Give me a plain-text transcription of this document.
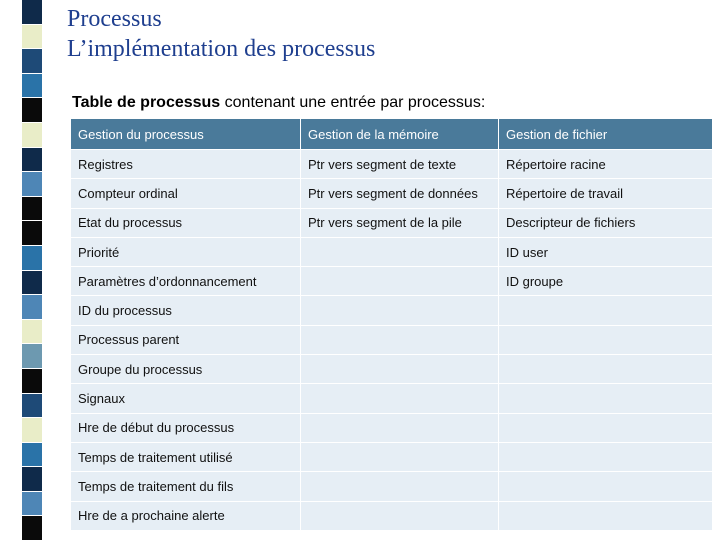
Processus
L’implémentation des processus
Table de processus contenant une entrée par processus:
Gestion du processus	Gestion de la mémoire	Gestion de fichier
Registres	Ptr vers segment de texte	Répertoire racine
Compteur ordinal	Ptr vers segment de données	Répertoire de travail
Etat du processus	Ptr vers segment de la pile	Descripteur de fichiers
Priorité		ID user
Paramètres d’ordonnancement		ID groupe
ID du processus		
Processus parent		
Groupe du processus		
Signaux		
Hre de début du processus		
Temps de traitement utilisé		
Temps de traitement du fils		
Hre de a prochaine alerte		
